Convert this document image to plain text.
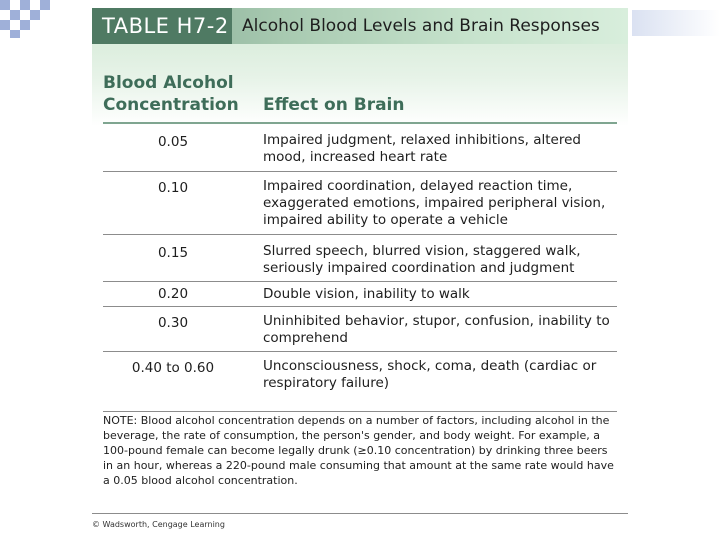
TABLE H7-2 Alcohol Blood Levels and Brain Responses
Blood Alcohol Concentration	Effect on Brain
0.05	Impaired judgment, relaxed inhibitions, altered mood, increased heart rate
0.10	Impaired coordination, delayed reaction time, exaggerated emotions, impaired peripheral vision, impaired ability to operate a vehicle
0.15	Slurred speech, blurred vision, staggered walk, seriously impaired coordination and judgment
0.20	Double vision, inability to walk
0.30	Uninhibited behavior, stupor, confusion, inability to comprehend
0.40 to 0.60	Unconsciousness, shock, coma, death (cardiac or respiratory failure)
NOTE: Blood alcohol concentration depends on a number of factors, including alcohol in the beverage, the rate of consumption, the person's gender, and body weight. For example, a 100-pound female can become legally drunk (≥0.10 concentration) by drinking three beers in an hour, whereas a 220-pound male consuming that amount at the same rate would have a 0.05 blood alcohol concentration.
© Wadsworth, Cengage Learning
